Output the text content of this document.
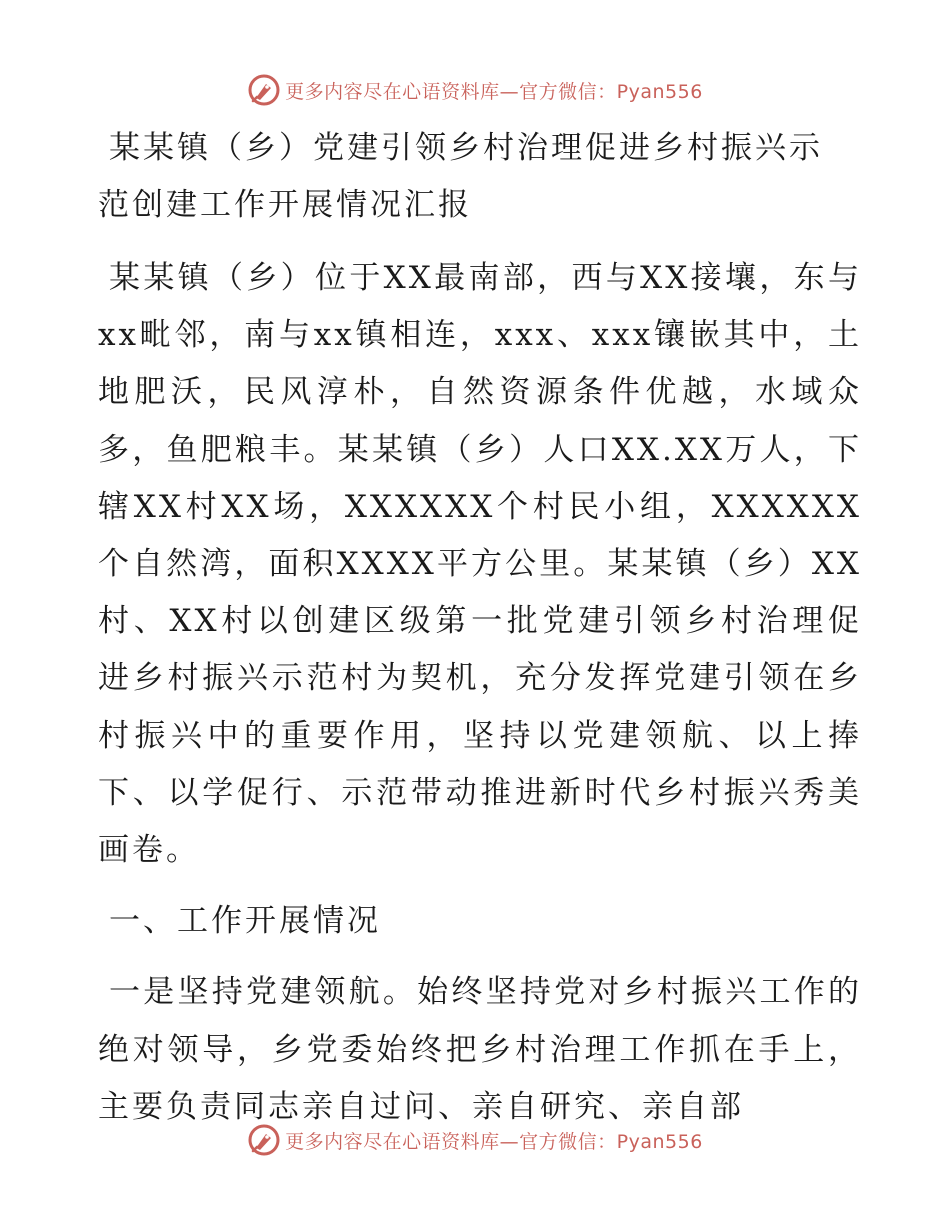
更多内容尽在心语资料库—官方微信：Pyan556
某某镇（乡）党建引领乡村治理促进乡村振兴示
范创建工作开展情况汇报

某某镇（乡）位于XX最南部，西与XX接壤，东与xx毗邻，南与xx镇相连，xxx、xxx镶嵌其中，土地肥沃，民风淳朴，自然资源条件优越，水域众多，鱼肥粮丰。某某镇（乡）人口XX.XX万人，下辖XX村XX场，XXXXXX个村民小组，XXXXXX个自然湾，面积XXXX平方公里。某某镇（乡）XX村、XX村以创建区级第一批党建引领乡村治理促进乡村振兴示范村为契机，充分发挥党建引领在乡村振兴中的重要作用，坚持以党建领航、以上捧下、以学促行、示范带动推进新时代乡村振兴秀美画卷。

一、工作开展情况

一是坚持党建领航。始终坚持党对乡村振兴工作的绝对领导，乡党委始终把乡村治理工作抓在手上，主要负责同志亲自过问、亲自研究、亲自部

更多内容尽在心语资料库—官方微信：Pyan556
